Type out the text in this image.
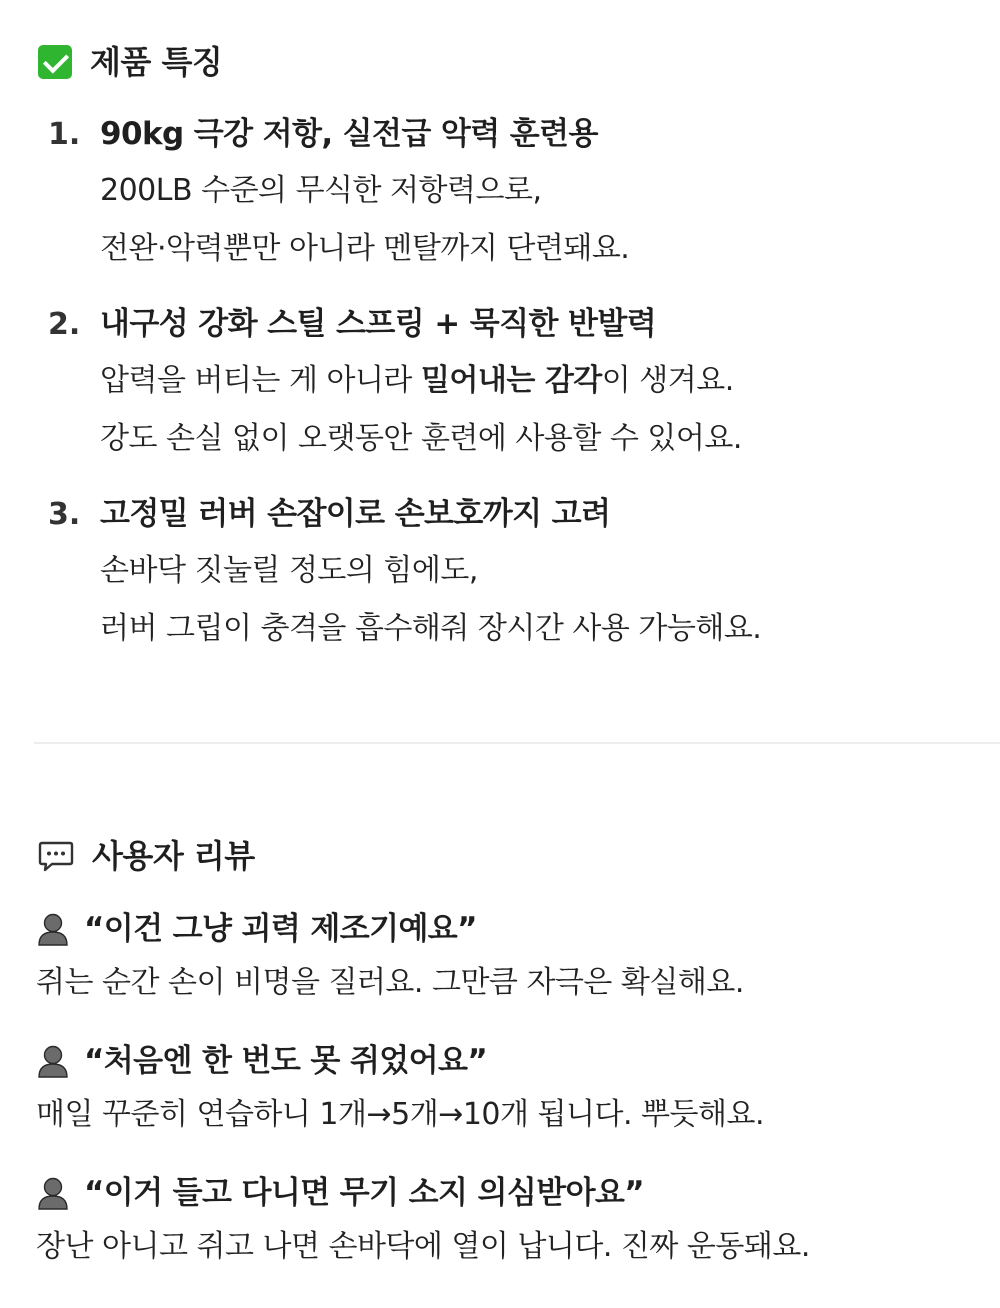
제품 특징
1. 90kg 극강 저항, 실전급 악력 훈련용
200LB 수준의 무식한 저항력으로,
전완·악력뿐만 아니라 멘탈까지 단련돼요.
2. 내구성 강화 스틸 스프링 + 묵직한 반발력
압력을 버티는 게 아니라 밀어내는 감각이 생겨요.
강도 손실 없이 오랫동안 훈련에 사용할 수 있어요.
3. 고정밀 러버 손잡이로 손보호까지 고려
손바닥 짓눌릴 정도의 힘에도,
러버 그립이 충격을 흡수해줘 장시간 사용 가능해요.
사용자 리뷰
“이건 그냥 괴력 제조기예요”
쥐는 순간 손이 비명을 질러요. 그만큼 자극은 확실해요.
“처음엔 한 번도 못 쥐었어요”
매일 꾸준히 연습하니 1개→5개→10개 됩니다. 뿌듯해요.
“이거 들고 다니면 무기 소지 의심받아요”
장난 아니고 쥐고 나면 손바닥에 열이 납니다. 진짜 운동돼요.
